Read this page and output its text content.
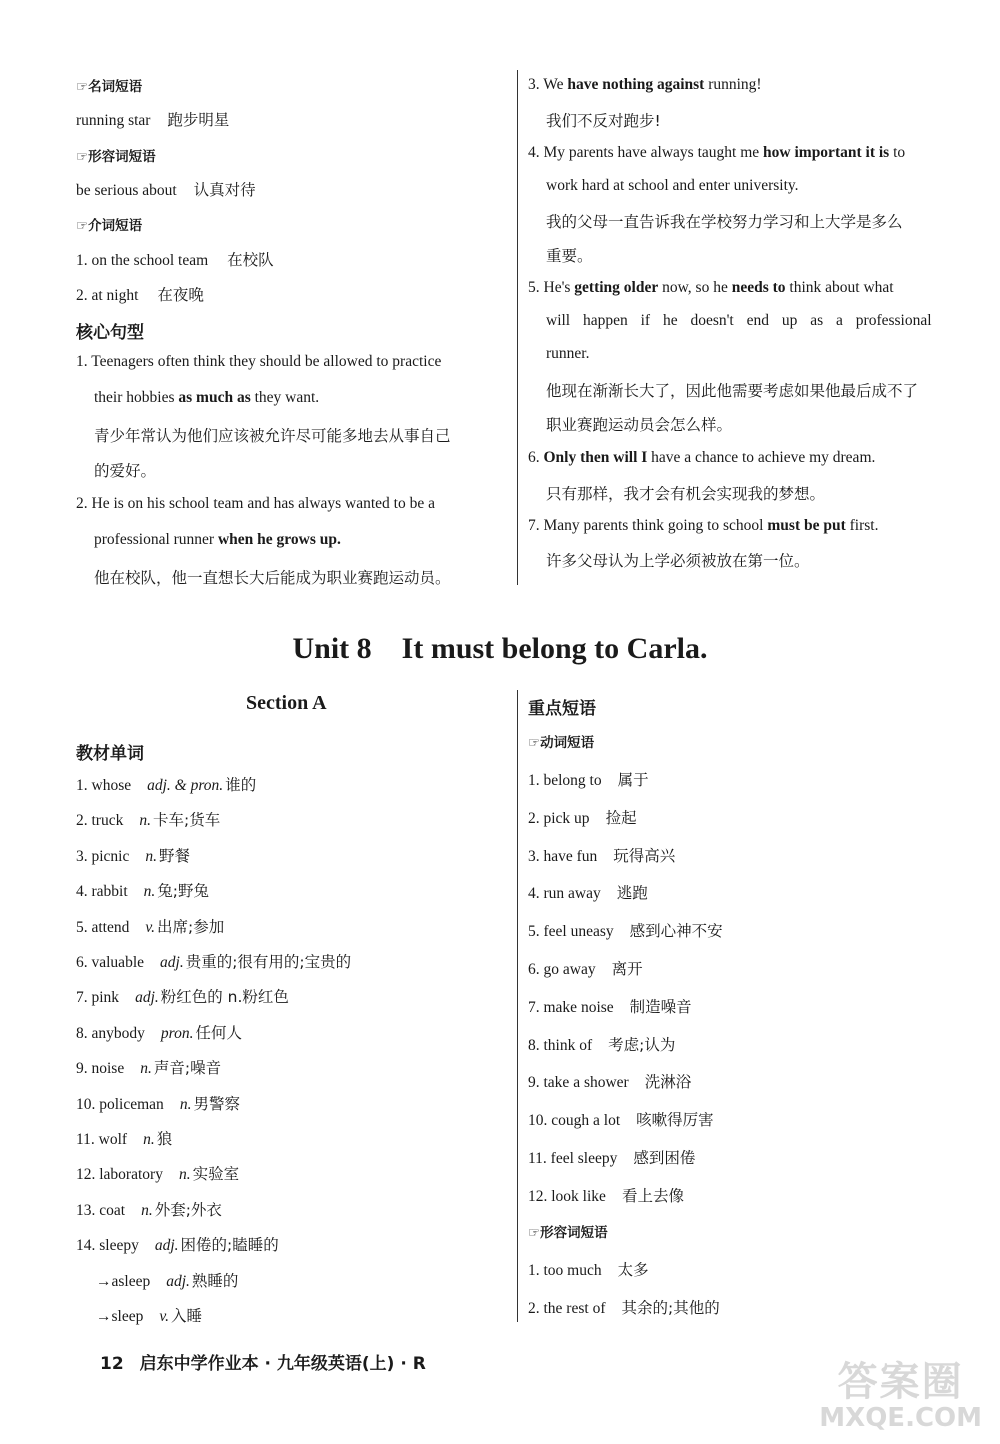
☞名词短语
running star 跑步明星
☞形容词短语
be serious about 认真对待
☞介词短语
1. on the school team 在校队
2. at night 在夜晚
核心句型
1. Teenagers often think they should be allowed to practice
their hobbies as much as they want.
青少年常认为他们应该被允许尽可能多地去从事自己
的爱好。
2. He is on his school team and has always wanted to be a
professional runner when he grows up.
他在校队，他一直想长大后能成为职业赛跑运动员。
3. We have nothing against running!
我们不反对跑步!
4. My parents have always taught me how important it is to
work hard at school and enter university.
我的父母一直告诉我在学校努力学习和上大学是多么
重要。
5. He's getting older now, so he needs to think about what
will happen if he doesn't end up as a professional
runner.
他现在渐渐长大了，因此他需要考虑如果他最后成不了
职业赛跑运动员会怎么样。
6. Only then will I have a chance to achieve my dream.
只有那样，我才会有机会实现我的梦想。
7. Many parents think going to school must be put first.
许多父母认为上学必须被放在第一位。
Unit 8    It must belong to Carla.
Section A
教材单词
1. whose adj. & pron. 谁的
2. truck n. 卡车;货车
3. picnic n. 野餐
4. rabbit n. 兔;野兔
5. attend v. 出席;参加
6. valuable adj. 贵重的;很有用的;宝贵的
7. pink adj. 粉红色的 n.粉红色
8. anybody pron. 任何人
9. noise n. 声音;噪音
10. policeman n. 男警察
11. wolf n. 狼
12. laboratory n. 实验室
13. coat n. 外套;外衣
14. sleepy adj. 困倦的;瞌睡的
→asleep adj. 熟睡的
→sleep v. 入睡
重点短语
☞动词短语
1. belong to 属于
2. pick up 捡起
3. have fun 玩得高兴
4. run away 逃跑
5. feel uneasy 感到心神不安
6. go away 离开
7. make noise 制造噪音
8. think of 考虑;认为
9. take a shower 洗淋浴
10. cough a lot 咳嗽得厉害
11. feel sleepy 感到困倦
12. look like 看上去像
☞形容词短语
1. too much 太多
2. the rest of 其余的;其他的
12 启东中学作业本 · 九年级英语(上) · R	答案圈
MXQE.COM
